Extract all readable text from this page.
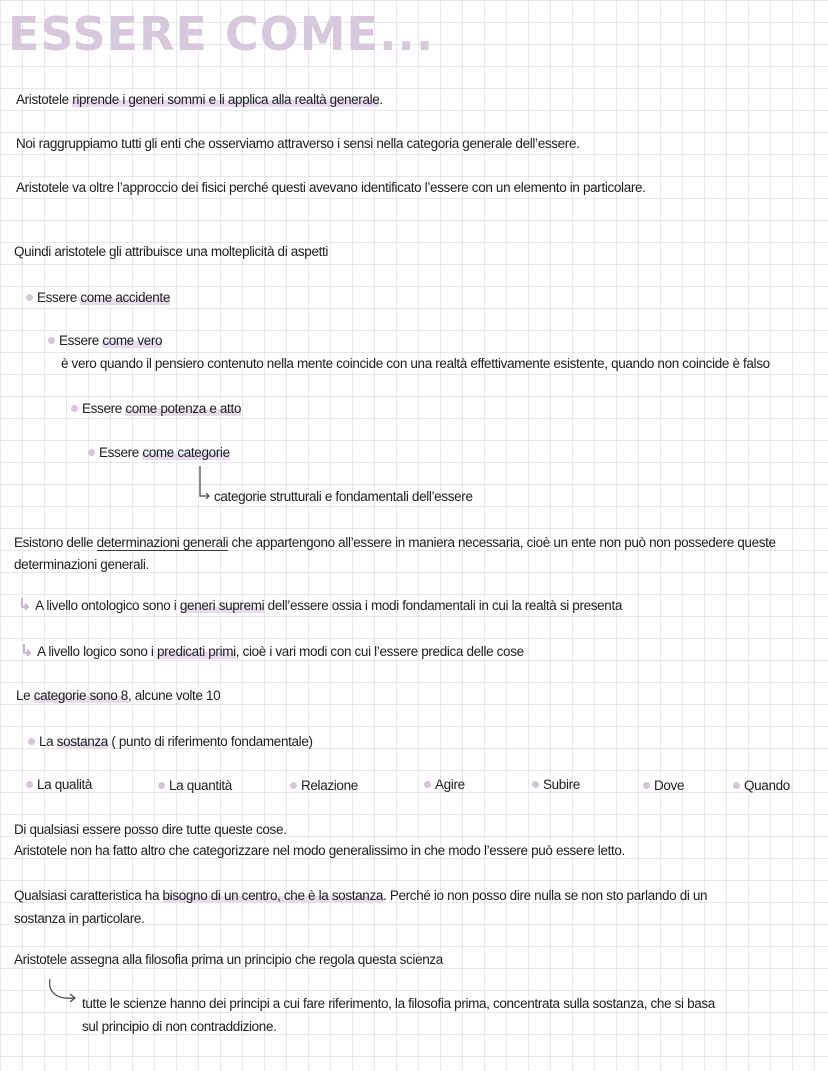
ESSERE COME...
Aristotele riprende i generi sommi e li applica alla realtà generale.
Noi raggruppiamo tutti gli enti che osserviamo attraverso i sensi nella categoria generale dell’essere.
Aristotele va oltre l’approccio dei fisici perché questi avevano identificato l’essere con un elemento in particolare.
Quindi aristotele gli attribuisce una molteplicità di aspetti
Essere come accidente
Essere come vero
è vero quando il pensiero contenuto nella mente coincide con una realtà effettivamente esistente, quando non coincide è falso
Essere come potenza e atto
Essere come categorie
categorie strutturali e fondamentali dell’essere
Esistono delle determinazioni generali che appartengono all’essere in maniera necessaria, cioè un ente non può non possedere queste determinazioni generali.
↳ A livello ontologico sono i generi supremi dell’essere ossia i modi fondamentali in cui la realtà si presenta
↳ A livello logico sono i predicati primi, cioè i vari modi con cui l’essere predica delle cose
Le categorie sono 8, alcune volte 10
La sostanza ( punto di riferimento fondamentale)
La qualità	La quantità	Relazione	Agire	Subire	Dove	Quando
Di qualsiasi essere posso dire tutte queste cose.
Aristotele non ha fatto altro che categorizzare nel modo generalissimo in che modo l’essere può essere letto.
Qualsiasi caratteristica ha bisogno di un centro, che è la sostanza. Perché io non posso dire nulla se non sto parlando di un sostanza in particolare.
Aristotele assegna alla filosofia prima un principio che regola questa scienza
tutte le scienze hanno dei principi a cui fare riferimento, la filosofia prima, concentrata sulla sostanza, che si basa sul principio di non contraddizione.
